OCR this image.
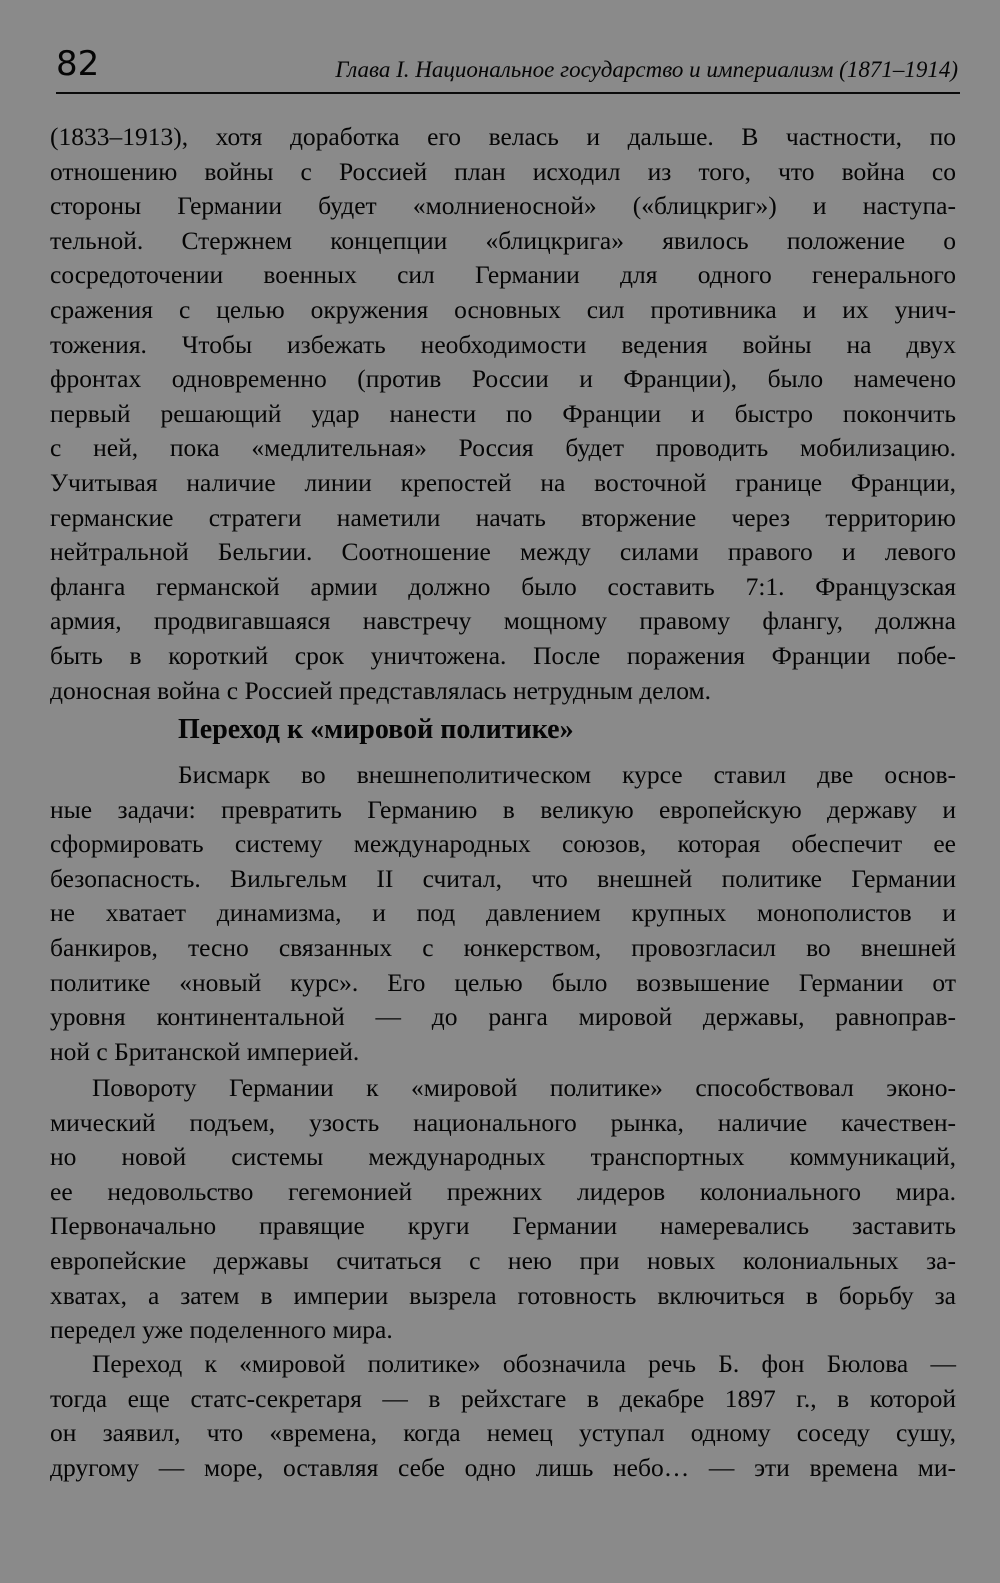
82	Глава I. Национальное государство и империализм (1871–1914)
(1833–1913), хотя доработка его велась и дальше. В частности, по
отношению войны с Россией план исходил из того, что война со
стороны Германии будет «молниеносной» («блицкриг») и наступа-
тельной. Стержнем концепции «блицкрига» явилось положение о
сосредоточении военных сил Германии для одного генерального
сражения с целью окружения основных сил противника и их унич-
тожения. Чтобы избежать необходимости ведения войны на двух
фронтах одновременно (против России и Франции), было намечено
первый решающий удар нанести по Франции и быстро покончить
с ней, пока «медлительная» Россия будет проводить мобилизацию.
Учитывая наличие линии крепостей на восточной границе Франции,
германские стратеги наметили начать вторжение через территорию
нейтральной Бельгии. Соотношение между силами правого и левого
фланга германской армии должно было составить 7:1. Французская
армия, продвигавшаяся навстречу мощному правому флангу, должна
быть в короткий срок уничтожена. После поражения Франции побе-
доносная война с Россией представлялась нетрудным делом.
Переход к «мировой политике»
Бисмарк во внешнеполитическом курсе ставил две основ-
ные задачи: превратить Германию в великую европейскую державу и
сформировать систему международных союзов, которая обеспечит ее
безопасность. Вильгельм II считал, что внешней политике Германии
не хватает динамизма, и под давлением крупных монополистов и
банкиров, тесно связанных с юнкерством, провозгласил во внешней
политике «новый курс». Его целью было возвышение Германии от
уровня континентальной — до ранга мировой державы, равноправ-
ной с Британской империей.
Повороту Германии к «мировой политике» способствовал эконо-
мический подъем, узость национального рынка, наличие качествен-
но новой системы международных транспортных коммуникаций,
ее недовольство гегемонией прежних лидеров колониального мира.
Первоначально правящие круги Германии намеревались заставить
европейские державы считаться с нею при новых колониальных за-
хватах, а затем в империи вызрела готовность включиться в борьбу за
передел уже поделенного мира.
Переход к «мировой политике» обозначила речь Б. фон Бюлова —
тогда еще статс-секретаря — в рейхстаге в декабре 1897 г., в которой
он заявил, что «времена, когда немец уступал одному соседу сушу,
другому — море, оставляя себе одно лишь небо… — эти времена ми-
